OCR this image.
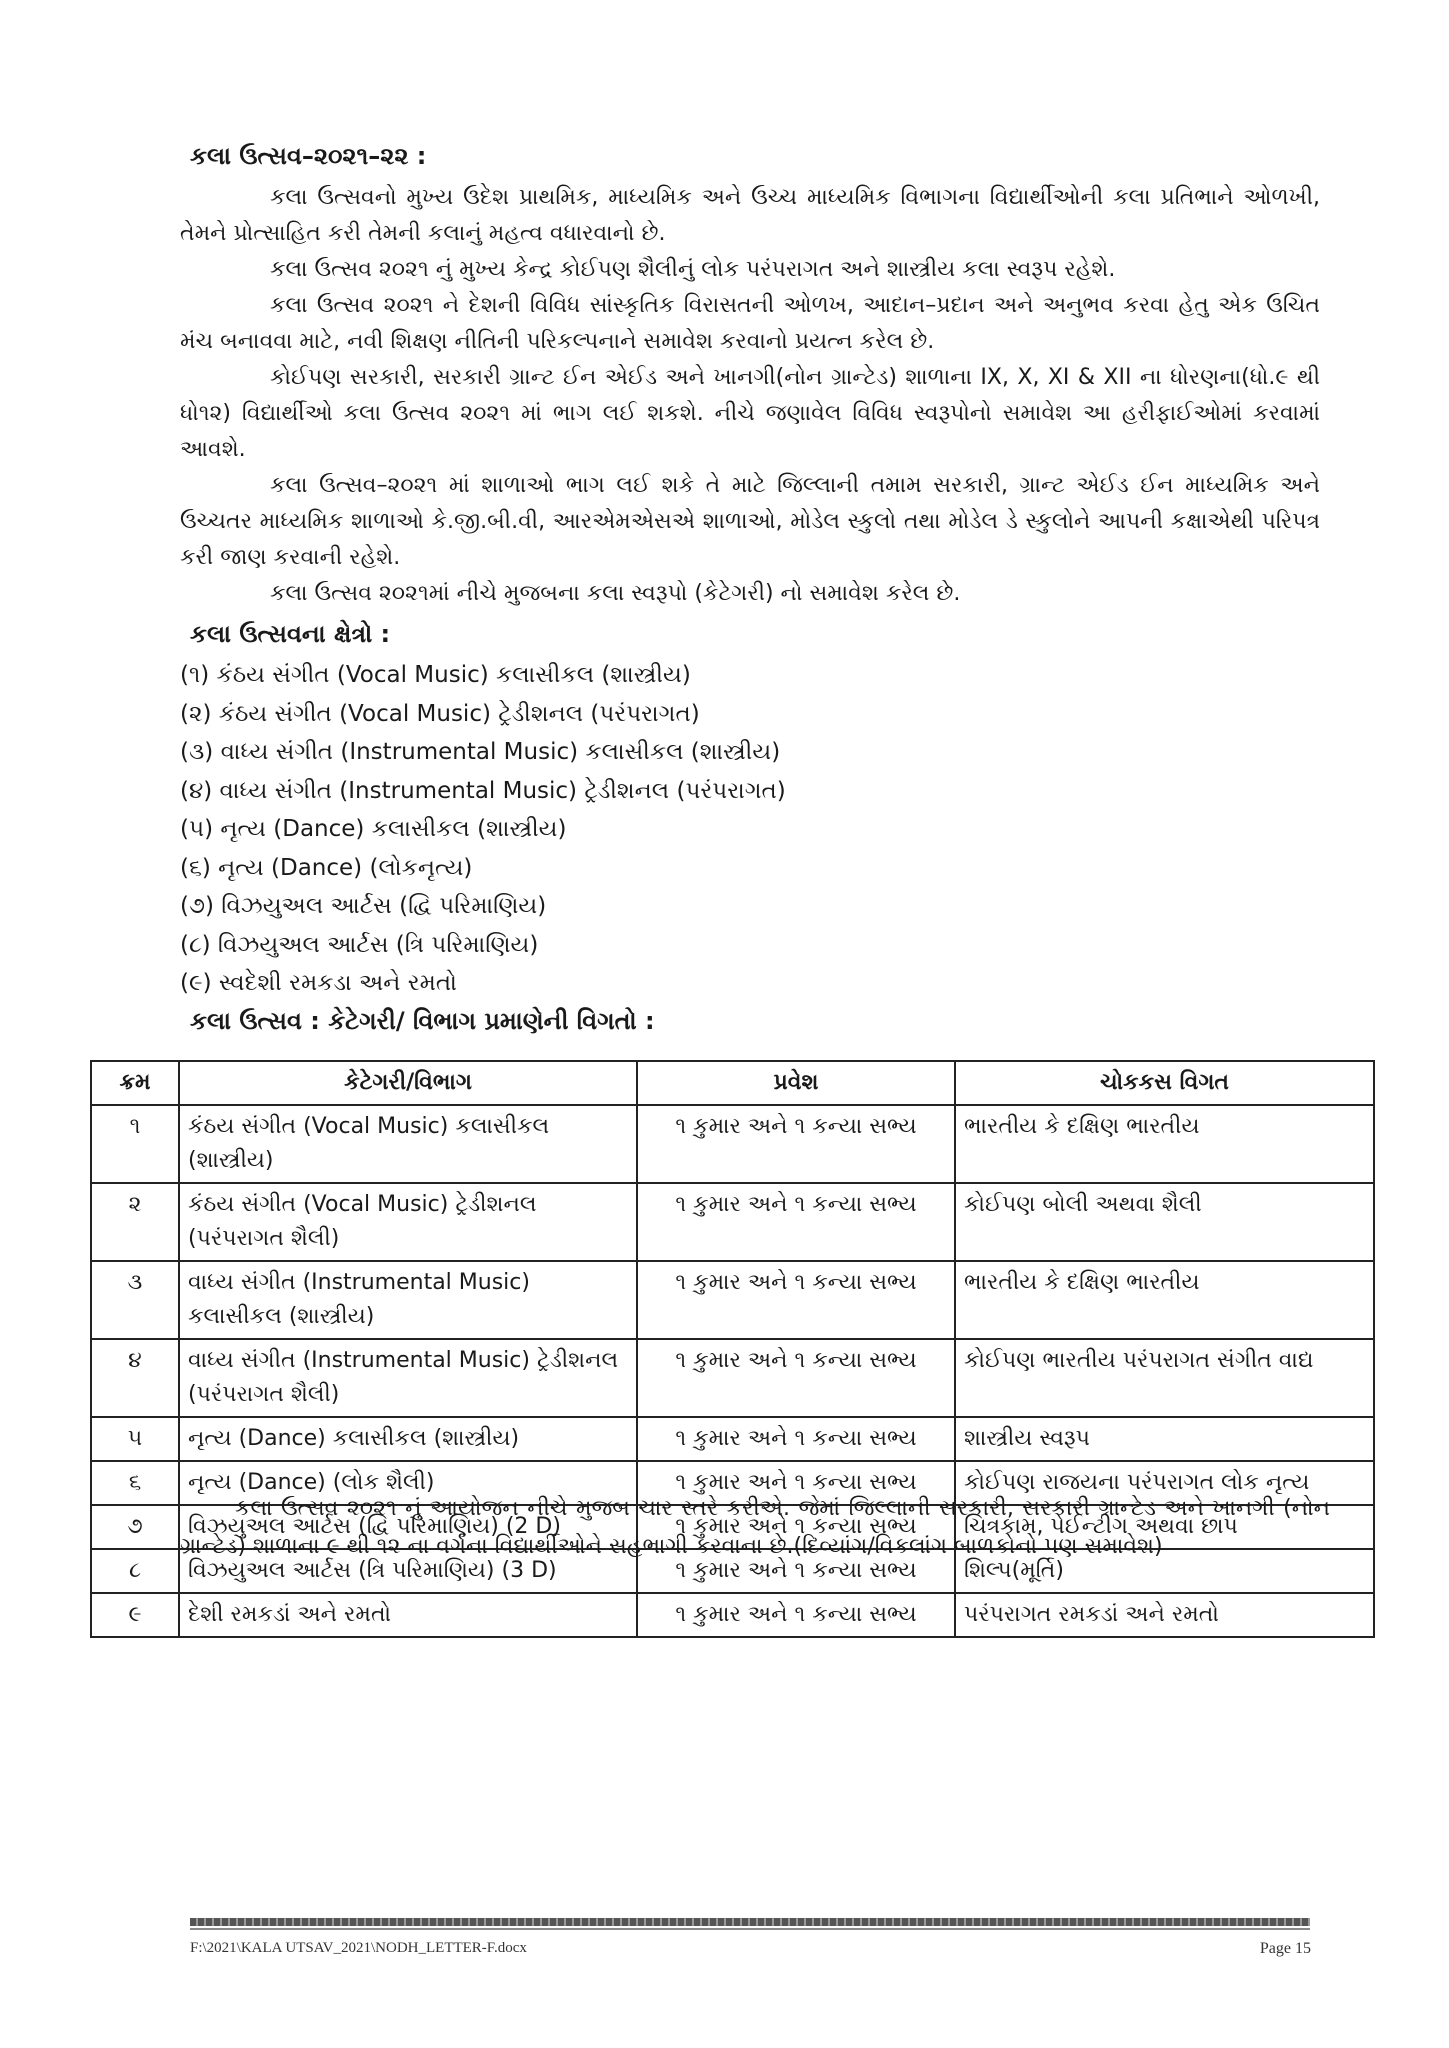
કલા ઉત્સવ–૨૦૨૧–૨૨ :

કલા ઉત્સવનો મુખ્ય ઉદેશ પ્રાથમિક, માધ્યમિક અને ઉચ્ચ માધ્યમિક વિભાગના વિદ્યાર્થીઓની કલા પ્રતિભાને ઓળખી, તેમને પ્રોત્સાહિત કરી તેમની કલાનું મહત્વ વધારવાનો છે.

કલા ઉત્સવ ૨૦૨૧ નું મુખ્ય કેન્દ્ર કોઈપણ શૈલીનું લોક પરંપરાગત અને શાસ્ત્રીય કલા સ્વરૂપ રહેશે.

કલા ઉત્સવ ૨૦૨૧ ને દેશની વિવિધ સાંસ્કૃતિક વિરાસતની ઓળખ, આદાન–પ્રદાન અને અનુભવ કરવા હેતુ એક ઉચિત મંચ બનાવવા માટે, નવી શિક્ષણ નીતિની પરિકલ્પનાને સમાવેશ કરવાનો પ્રયત્ન કરેલ છે.

કોઈપણ સરકારી, સરકારી ગ્રાન્ટ ઈન એઈડ અને ખાનગી(નોન ગ્રાન્ટેડ) શાળાના IX, X, XI & XII ના ધોરણના(ધો.૯ થી ધો૧૨) વિદ્યાર્થીઓ કલા ઉત્સવ ૨૦૨૧ માં ભાગ લઈ શકશે. નીચે જણાવેલ વિવિધ સ્વરૂપોનો સમાવેશ આ હરીફાઈઓમાં કરવામાં આવશે.

કલા ઉત્સવ–૨૦૨૧ માં શાળાઓ ભાગ લઈ શકે તે માટે જિલ્લાની તમામ સરકારી, ગ્રાન્ટ એઈડ ઈન માધ્યમિક અને ઉચ્ચતર માધ્યમિક શાળાઓ કે.જી.બી.વી, આરએમએસએ શાળાઓ, મોડેલ સ્કુલો તથા મોડેલ ડે સ્કુલોને આપની કક્ષાએથી પરિપત્ર કરી જાણ કરવાની રહેશે.

કલા ઉત્સવ ૨૦૨૧માં નીચે મુજબના કલા સ્વરૂપો (કેટેગરી) નો સમાવેશ કરેલ છે.

કલા ઉત્સવના ક્ષેત્રો :
(૧) કંઠય સંગીત (Vocal Music) કલાસીકલ (શાસ્ત્રીય)
(૨) કંઠય સંગીત (Vocal Music) ટ્રેડીશનલ (પરંપરાગત)
(૩) વાધ્ય સંગીત (Instrumental Music) કલાસીકલ (શાસ્ત્રીય)
(૪) વાધ્ય સંગીત (Instrumental Music) ટ્રેડીશનલ (પરંપરાગત)
(૫) નૃત્ય (Dance) કલાસીકલ (શાસ્ત્રીય)
(૬) નૃત્ય (Dance) (લોકનૃત્ય)
(૭) વિઝયુઅલ આર્ટસ (દ્વિ પરિમાણિય)
(૮) વિઝયુઅલ આર્ટસ (ત્રિ પરિમાણિય)
(૯) સ્વદેશી રમકડા અને રમતો
કલા ઉત્સવ : કેટેગરી/ વિભાગ પ્રમાણેની વિગતો :
ક્રમ	કેટેગરી/વિભાગ	પ્રવેશ	ચોકકસ વિગત
૧	કંઠય સંગીત (Vocal Music) કલાસીકલ (શાસ્ત્રીય)	૧ કુમાર અને ૧ કન્યા સભ્ય	ભારતીય કે દક્ષિણ ભારતીય
૨	કંઠય સંગીત (Vocal Music) ટ્રેડીશનલ (પરંપરાગત શૈલી)	૧ કુમાર અને ૧ કન્યા સભ્ય	કોઈપણ બોલી અથવા શૈલી
૩	વાધ્ય સંગીત (Instrumental Music) કલાસીકલ (શાસ્ત્રીય)	૧ કુમાર અને ૧ કન્યા સભ્ય	ભારતીય કે દક્ષિણ ભારતીય
૪	વાધ્ય સંગીત (Instrumental Music) ટ્રેડીશનલ (પરંપરાગત શૈલી)	૧ કુમાર અને ૧ કન્યા સભ્ય	કોઈપણ ભારતીય પરંપરાગત સંગીત વાદ્ય
૫	નૃત્ય (Dance) કલાસીકલ (શાસ્ત્રીય)	૧ કુમાર અને ૧ કન્યા સભ્ય	શાસ્ત્રીય સ્વરૂપ
૬	નૃત્ય (Dance) (લોક શૈલી)	૧ કુમાર અને ૧ કન્યા સભ્ય	કોઈપણ રાજયના પરંપરાગત લોક નૃત્ય
૭	વિઝયુઅલ આર્ટસ (દ્વિ પરિમાણિય) (2 D)	૧ કુમાર અને ૧ કન્યા સભ્ય	ચિત્રકામ, પેઈન્ટીગ અથવા છાપ
૮	વિઝયુઅલ આર્ટસ (ત્રિ પરિમાણિય) (3 D)	૧ કુમાર અને ૧ કન્યા સભ્ય	શિલ્પ(મૂર્તિ)
૯	દેશી રમકડાં અને રમતો	૧ કુમાર અને ૧ કન્યા સભ્ય	પરંપરાગત રમકડાં અને રમતો

કલા ઉત્સવ ૨૦૨૧ નું આયોજન નીચે મુજબ ચાર સ્તરે કરીએ. જેમાં જિલ્લાની સરકારી, સરકારી ગ્રાન્ટેડ અને ખાનગી (નોન ગ્રાન્ટેડ) શાળાના ૯ થી ૧૨ ના વર્ગના વિદ્યાર્થીઓને સહભાગી કરવાના છે.(દિવ્યાંગ/વિકલાંગ બાળકોનો પણ સમાવેશ)

F:\2021\KALA UTSAV_2021\NODH_LETTER-F.docx	Page 15
